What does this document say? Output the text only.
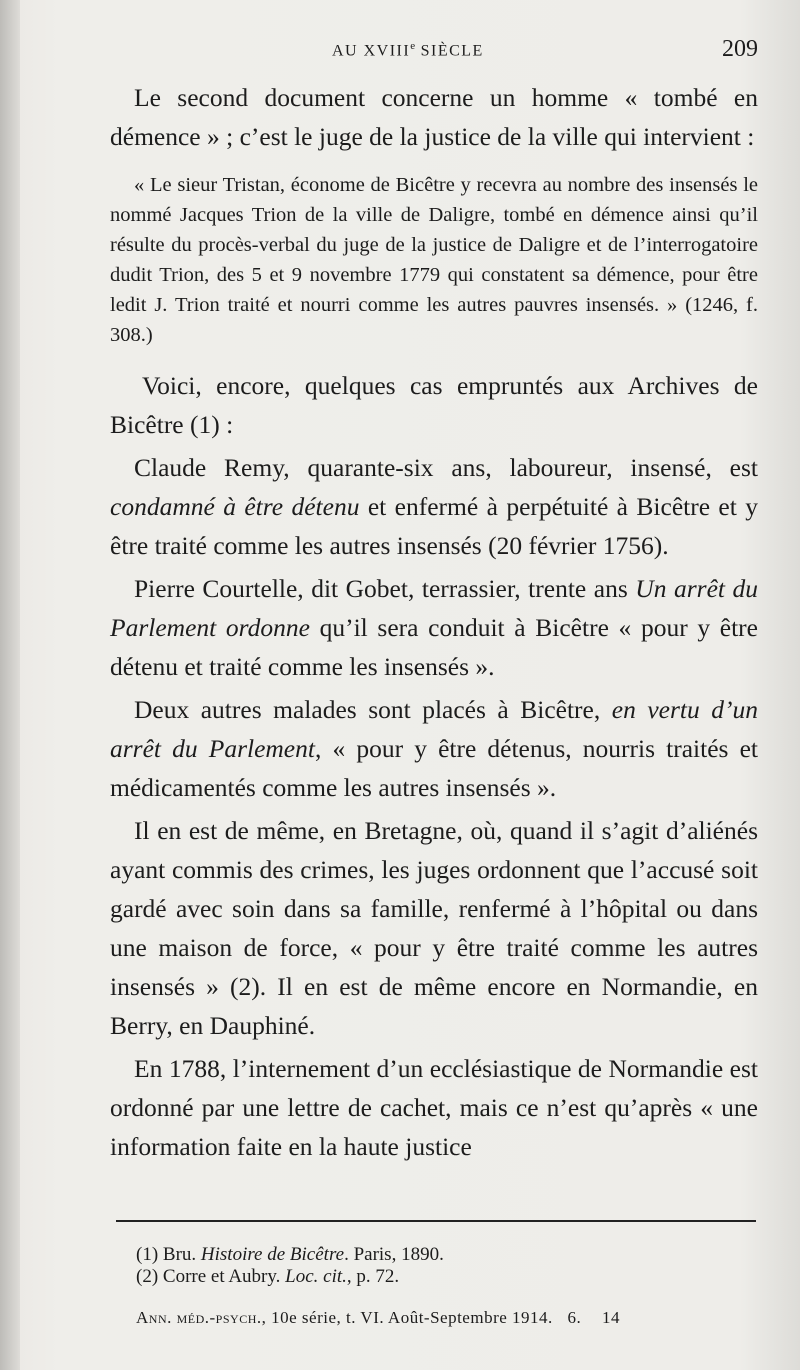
AU XVIIIe SIÈCLE	209

Le second document concerne un homme « tombé en démence » ; c’est le juge de la justice de la ville qui intervient :

« Le sieur Tristan, économe de Bicêtre y recevra au nombre des insensés le nommé Jacques Trion de la ville de Daligre, tombé en démence ainsi qu’il résulte du procès-verbal du juge de la justice de Daligre et de l’interrogatoire dudit Trion, des 5 et 9 novembre 1779 qui constatent sa démence, pour être ledit J. Trion traité et nourri comme les autres pauvres insensés. » (1246, f. 308.)

Voici, encore, quelques cas empruntés aux Archives de Bicêtre (1) :

Claude Remy, quarante-six ans, laboureur, insensé, est condamné à être détenu et enfermé à perpétuité à Bicêtre et y être traité comme les autres insensés (20 février 1756).

Pierre Courtelle, dit Gobet, terrassier, trente ans Un arrêt du Parlement ordonne qu’il sera conduit à Bicêtre « pour y être détenu et traité comme les insensés ».

Deux autres malades sont placés à Bicêtre, en vertu d’un arrêt du Parlement, « pour y être détenus, nourris traités et médicamentés comme les autres insensés ».

Il en est de même, en Bretagne, où, quand il s’agit d’aliénés ayant commis des crimes, les juges ordonnent que l’accusé soit gardé avec soin dans sa famille, renfermé à l’hôpital ou dans une maison de force, « pour y être traité comme les autres insensés » (2). Il en est de même encore en Normandie, en Berry, en Dauphiné.

En 1788, l’internement d’un ecclésiastique de Normandie est ordonné par une lettre de cachet, mais ce n’est qu’après « une information faite en la haute justice

(1) Bru. Histoire de Bicêtre. Paris, 1890.
(2) Corre et Aubry. Loc. cit., p. 72.
Ann. méd.-psych., 10e série, t. VI. Août-Septembre 1914. 6. 14
